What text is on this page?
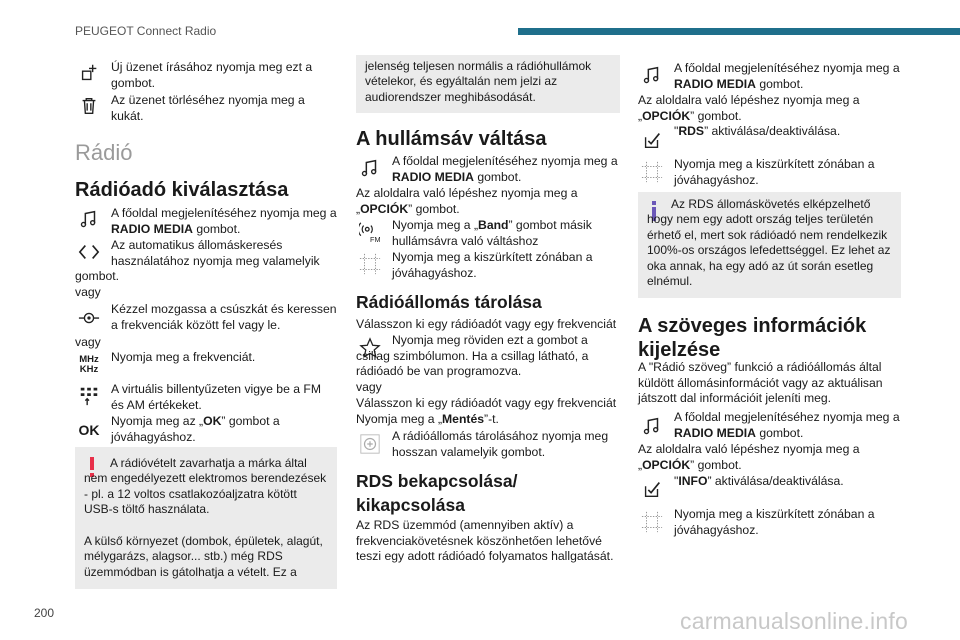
PEUGEOT Connect Radio
Új üzenet írásához nyomja meg ezt a gombot.
Az üzenet törléséhez nyomja meg a kukát.
Rádió
Rádióadó kiválasztása
A főoldal megjelenítéséhez nyomja meg a
RADIO MEDIA gombot.
Az automatikus állomáskeresés használatához nyomja meg valamelyik
gombot.
vagy
Kézzel mozgassa a csúszkát és keressen a frekvenciák között fel vagy le.
vagy
MHz KHz
Nyomja meg a frekvenciát.
A virtuális billentyűzeten vigye be a FM és AM értékeket.
OK
Nyomja meg az „OK” gombot a jóváhagyáshoz.
A rádióvételt zavarhatja a márka által nem engedélyezett elektromos berendezések - pl. a 12 voltos csatlakozóaljzatra kötött USB-s töltő használata.
A külső környezet (dombok, épületek, alagút, mélygarázs, alagsor... stb.) még RDS üzemmódban is gátolhatja a vételt. Ez a
jelenség teljesen normális a rádióhullámok vételekor, és egyáltalán nem jelzi az audiorendszer meghibásodását.
A hullámsáv váltása
A főoldal megjelenítéséhez nyomja meg a
RADIO MEDIA gombot.
Az aloldalra való lépéshez nyomja meg a „OPCIÓK” gombot.
FM
Nyomja meg a „Band” gombot másik hullámsávra való váltáshoz
Nyomja meg a kiszürkített zónában a jóváhagyáshoz.
Rádióállomás tárolása
Válasszon ki egy rádióadót vagy egy frekvenciát
Nyomja meg röviden ezt a gombot a csillag szimbólumon. Ha a csillag látható, a rádióadó be van programozva.
vagy
Válasszon ki egy rádióadót vagy egy frekvenciát Nyomja meg a „Mentés”-t.
A rádióállomás tárolásához nyomja meg hosszan valamelyik gombot.
RDS bekapcsolása/ kikapcsolása
Az RDS üzemmód (amennyiben aktív) a frekvenciakövetésnek köszönhetően lehetővé teszi egy adott rádióadó folyamatos hallgatását.
A főoldal megjelenítéséhez nyomja meg a
RADIO MEDIA gombot.
Az aloldalra való lépéshez nyomja meg a „OPCIÓK” gombot.
"RDS” aktiválása/deaktiválása.
Nyomja meg a kiszürkített zónában a jóváhagyáshoz.
Az RDS állomáskövetés elképzelhető hogy nem egy adott ország teljes területén érhető el, mert sok rádióadó nem rendelkezik 100%-os országos lefedettséggel. Ez lehet az oka annak, ha egy adó az út során esetleg elnémul.
A szöveges információk kijelzése
A "Rádió szöveg” funkció a rádióállomás által küldött állomásinformációt vagy az aktuálisan játszott dal információit jeleníti meg.
A főoldal megjelenítéséhez nyomja meg a
RADIO MEDIA gombot.
Az aloldalra való lépéshez nyomja meg a „OPCIÓK” gombot.
"INFO” aktiválása/deaktiválása.
Nyomja meg a kiszürkített zónában a jóváhagyáshoz.
200	carmanualsonline.info
